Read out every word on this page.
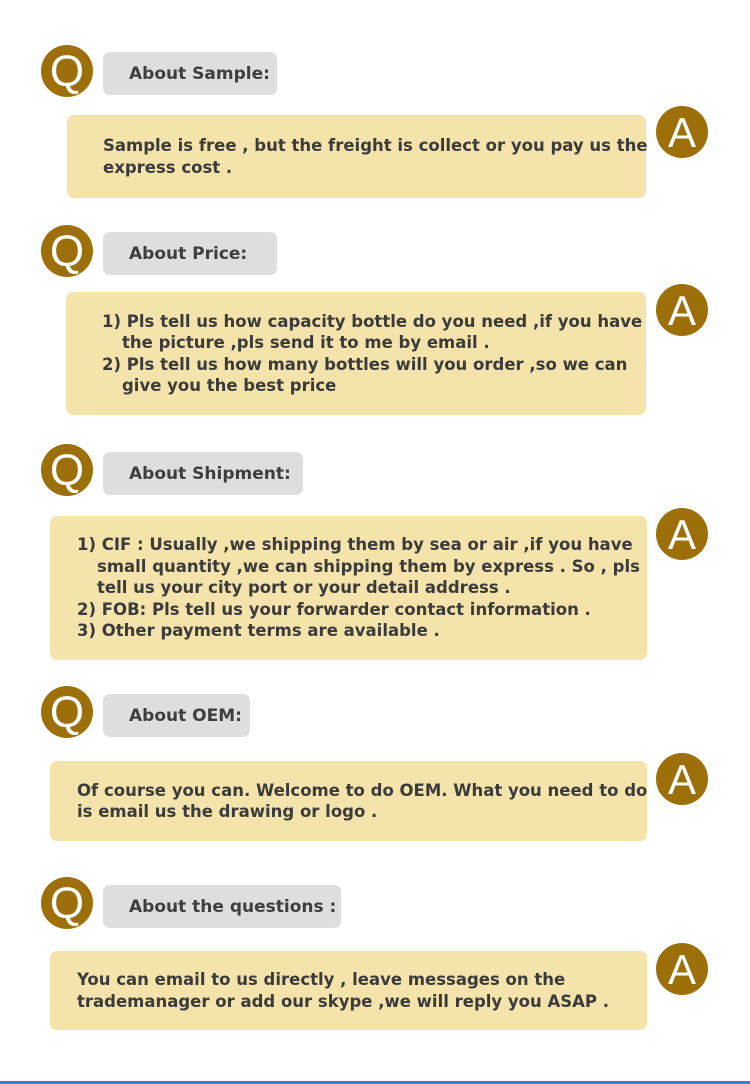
Q	About Sample:
A
Sample is free , but the freight is collect or you pay us the
express cost .
Q	About Price:
A
1) Pls tell us how capacity bottle do you need ,if you have
the picture ,pls send it to me by email .
2) Pls tell us how many bottles will you order ,so we can
give you the best price
Q	About Shipment:
A
1) CIF : Usually ,we shipping them by sea or air ,if you have
small quantity ,we can shipping them by express . So , pls
tell us your city port or your detail address .
2) FOB: Pls tell us your forwarder contact information .
3) Other payment terms are available .
Q	About OEM:
A
Of course you can. Welcome to do OEM. What you need to do
is email us the drawing or logo .
Q	About the questions :
A
You can email to us directly , leave messages on the
trademanager or add our skype ,we will reply you ASAP .
